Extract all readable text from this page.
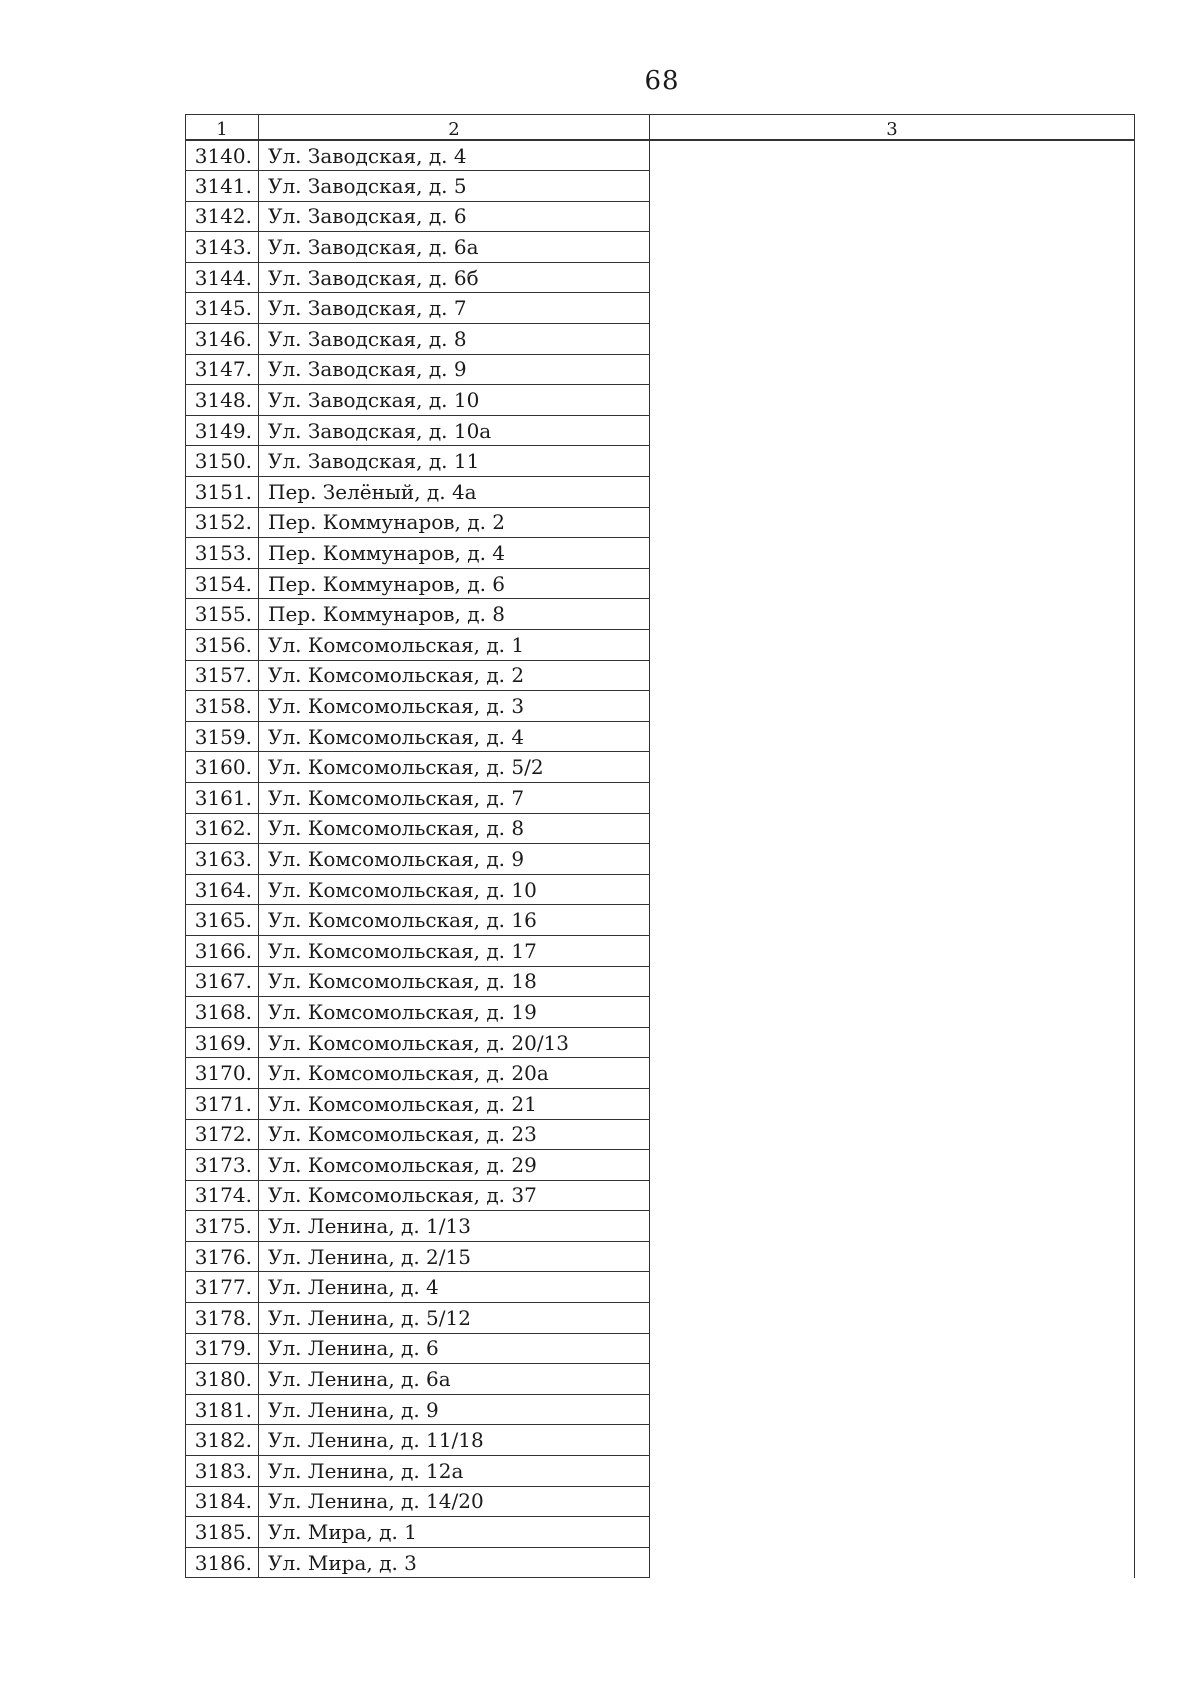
68
1	2	3
3140.	Ул. Заводская, д. 4	
3141.	Ул. Заводская, д. 5	
3142.	Ул. Заводская, д. 6	
3143.	Ул. Заводская, д. 6а	
3144.	Ул. Заводская, д. 6б	
3145.	Ул. Заводская, д. 7	
3146.	Ул. Заводская, д. 8	
3147.	Ул. Заводская, д. 9	
3148.	Ул. Заводская, д. 10	
3149.	Ул. Заводская, д. 10а	
3150.	Ул. Заводская, д. 11	
3151.	Пер. Зелёный, д. 4а	
3152.	Пер. Коммунаров, д. 2	
3153.	Пер. Коммунаров, д. 4	
3154.	Пер. Коммунаров, д. 6	
3155.	Пер. Коммунаров, д. 8	
3156.	Ул. Комсомольская, д. 1	
3157.	Ул. Комсомольская, д. 2	
3158.	Ул. Комсомольская, д. 3	
3159.	Ул. Комсомольская, д. 4	
3160.	Ул. Комсомольская, д. 5/2	
3161.	Ул. Комсомольская, д. 7	
3162.	Ул. Комсомольская, д. 8	
3163.	Ул. Комсомольская, д. 9	
3164.	Ул. Комсомольская, д. 10	
3165.	Ул. Комсомольская, д. 16	
3166.	Ул. Комсомольская, д. 17	
3167.	Ул. Комсомольская, д. 18	
3168.	Ул. Комсомольская, д. 19	
3169.	Ул. Комсомольская, д. 20/13	
3170.	Ул. Комсомольская, д. 20а	
3171.	Ул. Комсомольская, д. 21	
3172.	Ул. Комсомольская, д. 23	
3173.	Ул. Комсомольская, д. 29	
3174.	Ул. Комсомольская, д. 37	
3175.	Ул. Ленина, д. 1/13	
3176.	Ул. Ленина, д. 2/15	
3177.	Ул. Ленина, д. 4	
3178.	Ул. Ленина, д. 5/12	
3179.	Ул. Ленина, д. 6	
3180.	Ул. Ленина, д. 6а	
3181.	Ул. Ленина, д. 9	
3182.	Ул. Ленина, д. 11/18	
3183.	Ул. Ленина, д. 12а	
3184.	Ул. Ленина, д. 14/20	
3185.	Ул. Мира, д. 1	
3186.	Ул. Мира, д. 3	
